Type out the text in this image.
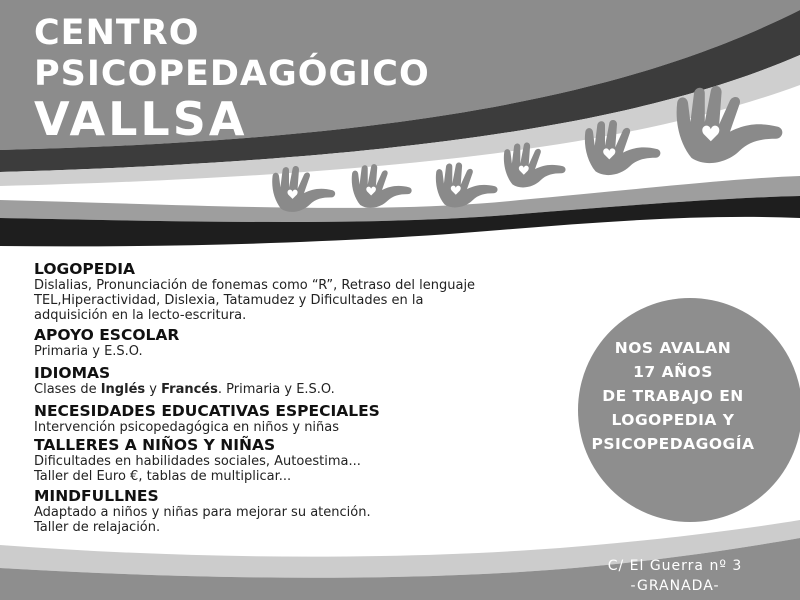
CENTRO
PSICOPEDAGÓGICO
VALLSA

LOGOPEDIA

Dislalias, Pronunciación de fonemas como “R”, Retraso del lenguaje

TEL,Hiperactividad, Dislexia, Tatamudez y Dificultades en la

adquisición en la lecto-escritura.

APOYO ESCOLAR

Primaria y E.S.O.

IDIOMAS

Clases de Inglés y Francés. Primaria y E.S.O.

NECESIDADES EDUCATIVAS ESPECIALES

Intervención psicopedagógica en niños y niñas

TALLERES A NIÑOS Y NIÑAS

Dificultades en habilidades sociales, Autoestima...

Taller del Euro €, tablas de multiplicar...

MINDFULLNES

Adaptado a niños y niñas para mejorar su atención.

Taller de relajación.

NOS AVALAN

17 AÑOS

DE TRABAJO EN

LOGOPEDIA Y

PSICOPEDAGOGÍA

C/ El Guerra nº 3

-GRANADA-
